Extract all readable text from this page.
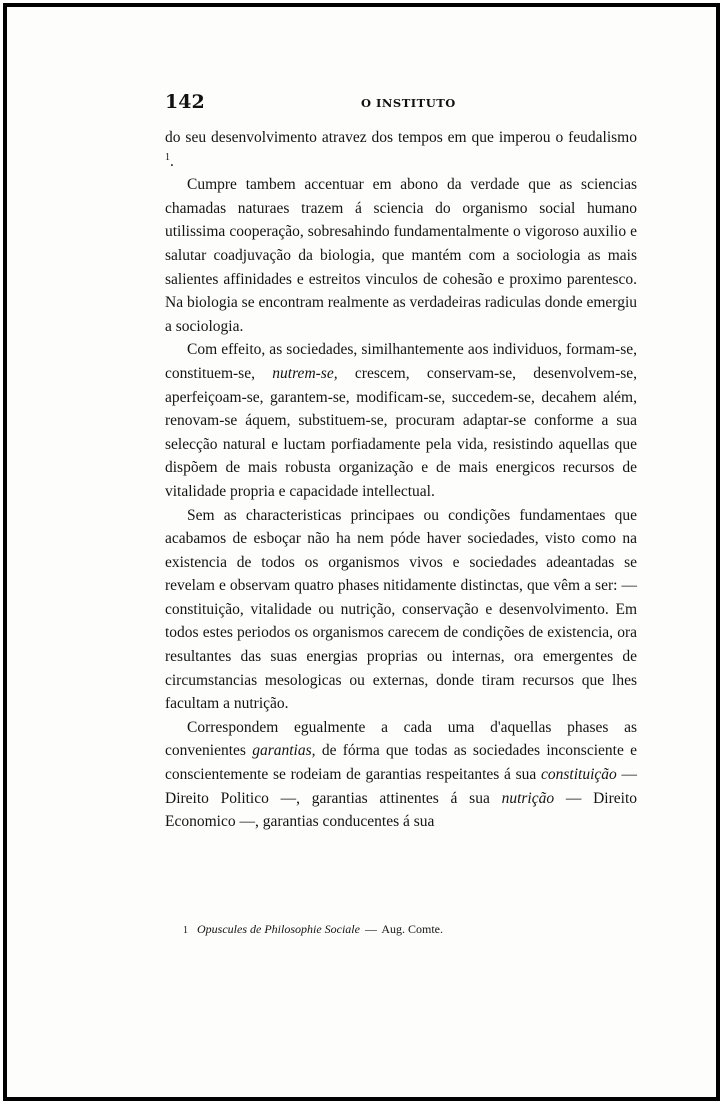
142	O INSTITUTO

do seu desenvolvimento atravez dos tempos em que imperou o feudalismo $^1$.

Cumpre tambem accentuar em abono da verdade que as sciencias chamadas naturaes trazem á sciencia do organismo social humano utilissima cooperação, sobresahindo fundamentalmente o vigoroso auxilio e salutar coadjuvação da biologia, que mantém com a sociologia as mais salientes affinidades e estreitos vinculos de cohesão e proximo parentesco. Na biologia se encontram realmente as verdadeiras radiculas donde emergiu a sociologia.

Com effeito, as sociedades, similhantemente aos individuos, formam-se, constituem-se, nutrem-se, crescem, conservam-se, desenvolvem-se, aperfeiçoam-se, garantem-se, modificam-se, succedem-se, decahem além, renovam-se áquem, substituem-se, procuram adaptar-se conforme a sua selecção natural e luctam porfiadamente pela vida, resistindo aquellas que dispõem de mais robusta organização e de mais energicos recursos de vitalidade propria e capacidade intellectual.

Sem as characteristicas principaes ou condições fundamentaes que acabamos de esboçar não ha nem póde haver sociedades, visto como na existencia de todos os organismos vivos e sociedades adeantadas se revelam e observam quatro phases nitidamente distinctas, que vêm a ser: — constituição, vitalidade ou nutrição, conservação e desenvolvimento. Em todos estes periodos os organismos carecem de condições de existencia, ora resultantes das suas energias proprias ou internas, ora emergentes de circumstancias mesologicas ou externas, donde tiram recursos que lhes facultam a nutrição.

Correspondem egualmente a cada uma d'aquellas phases as convenientes garantias, de fórma que todas as sociedades inconsciente e conscientemente se rodeiam de garantias respeitantes á sua constituição — Direito Politico —, garantias attinentes á sua nutrição — Direito Economico —, garantias conducentes á sua

1 Opuscules de Philosophie Sociale — Aug. Comte.
